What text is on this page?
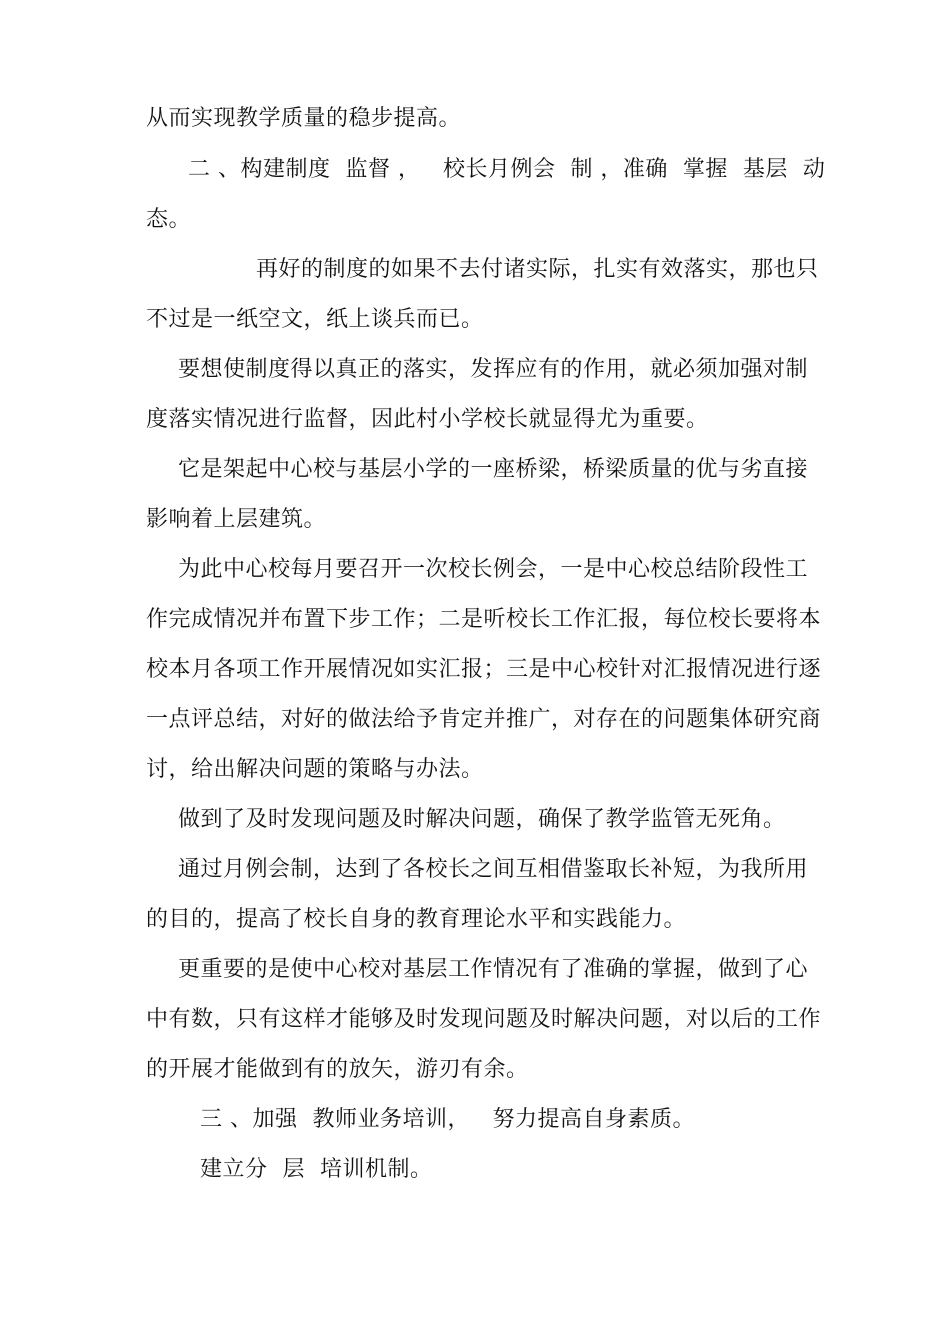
从而实现教学质量的稳步提高。
二 、构建制度  监督 ，   校长月例会  制 ，准确  掌握  基层  动
态。
再好的制度的如果不去付诸实际，扎实有效落实，那也只
不过是一纸空文，纸上谈兵而已。
要想使制度得以真正的落实，发挥应有的作用，就必须加强对制
度落实情况进行监督，因此村小学校长就显得尤为重要。
它是架起中心校与基层小学的一座桥梁，桥梁质量的优与劣直接
影响着上层建筑。
为此中心校每月要召开一次校长例会，一是中心校总结阶段性工
作完成情况并布置下步工作；二是听校长工作汇报，每位校长要将本
校本月各项工作开展情况如实汇报；三是中心校针对汇报情况进行逐
一点评总结，对好的做法给予肯定并推广，对存在的问题集体研究商
讨，给出解决问题的策略与办法。
做到了及时发现问题及时解决问题，确保了教学监管无死角。
通过月例会制，达到了各校长之间互相借鉴取长补短，为我所用
的目的，提高了校长自身的教育理论水平和实践能力。
更重要的是使中心校对基层工作情况有了准确的掌握，做到了心
中有数，只有这样才能够及时发现问题及时解决问题，对以后的工作
的开展才能做到有的放矢，游刃有余。
三 、加强  教师业务培训，   努力提高自身素质。
建立分  层  培训机制。
